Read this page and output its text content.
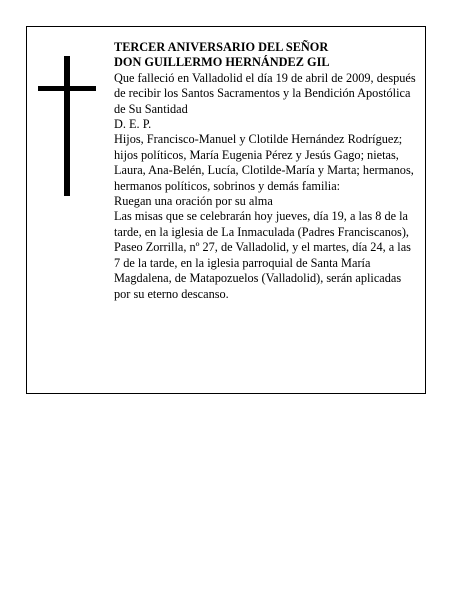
TERCER ANIVERSARIO DEL SEÑOR

DON GUILLERMO HERNÁNDEZ GIL

Que falleció en Valladolid el día 19 de abril de 2009, después de recibir los Santos Sacramentos y la Bendición Apostólica de Su Santidad

D. E. P.

Hijos, Francisco-Manuel y Clotilde Hernández Rodríguez; hijos políticos, María Eugenia Pérez y Jesús Gago; nietas, Laura, Ana-Belén, Lucía, Clotilde-María y Marta; hermanos, hermanos políticos, sobrinos y demás familia:

Ruegan una oración por su alma

Las misas que se celebrarán hoy jueves, día 19, a las 8 de la tarde, en la iglesia de La Inmaculada (Padres Franciscanos), Paseo Zorrilla, nº 27, de Valladolid, y el martes, día 24, a las 7 de la tarde, en la iglesia parroquial de Santa María Magdalena, de Matapozuelos (Valladolid), serán aplicadas por su eterno descanso.
